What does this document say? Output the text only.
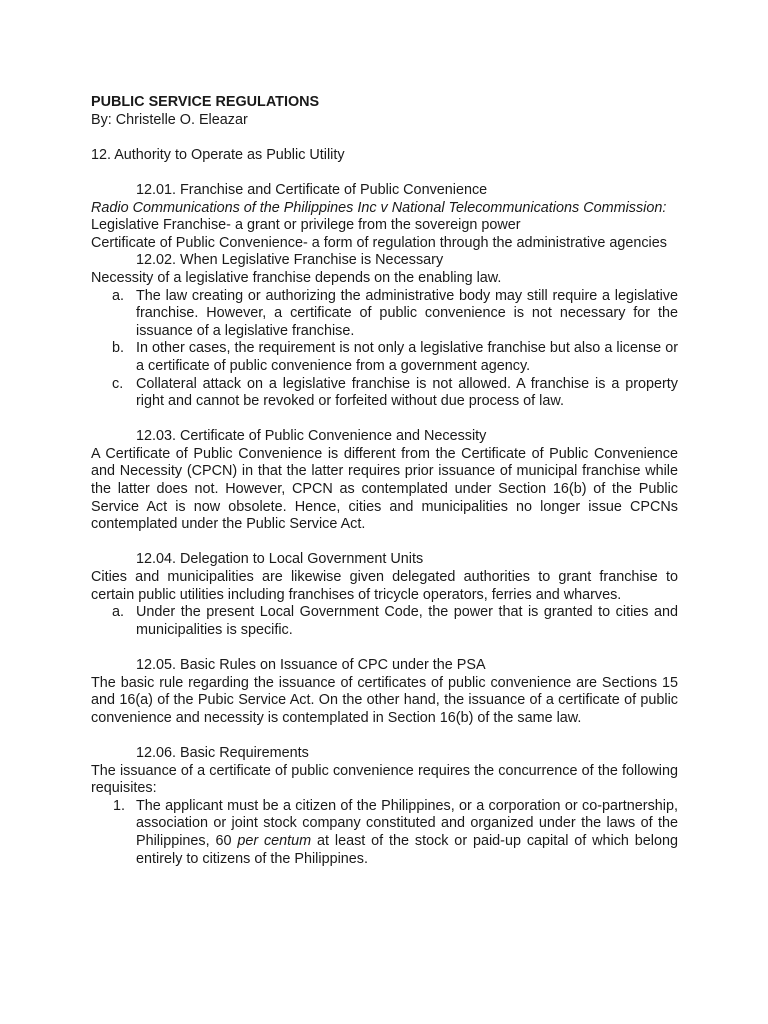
PUBLIC SERVICE REGULATIONS
By: Christelle O. Eleazar
12. Authority to Operate as Public Utility
12.01. Franchise and Certificate of Public Convenience
Radio Communications of the Philippines Inc v National Telecommunications Commission:
Legislative Franchise- a grant or privilege from the sovereign power
Certificate of Public Convenience- a form of regulation through the administrative agencies
12.02. When Legislative Franchise is Necessary
Necessity of a legislative franchise depends on the enabling law.
a. The law creating or authorizing the administrative body may still require a legislative franchise. However, a certificate of public convenience is not necessary for the issuance of a legislative franchise.
b. In other cases, the requirement is not only a legislative franchise but also a license or a certificate of public convenience from a government agency.
c. Collateral attack on a legislative franchise is not allowed. A franchise is a property right and cannot be revoked or forfeited without due process of law.
12.03. Certificate of Public Convenience and Necessity
A Certificate of Public Convenience is different from the Certificate of Public Convenience and Necessity (CPCN) in that the latter requires prior issuance of municipal franchise while the latter does not. However, CPCN as contemplated under Section 16(b) of the Public Service Act is now obsolete. Hence, cities and municipalities no longer issue CPCNs contemplated under the Public Service Act.
12.04. Delegation to Local Government Units
Cities and municipalities are likewise given delegated authorities to grant franchise to certain public utilities including franchises of tricycle operators, ferries and wharves.
a. Under the present Local Government Code, the power that is granted to cities and municipalities is specific.
12.05. Basic Rules on Issuance of CPC under the PSA
The basic rule regarding the issuance of certificates of public convenience are Sections 15 and 16(a) of the Pubic Service Act. On the other hand, the issuance of a certificate of public convenience and necessity is contemplated in Section 16(b) of the same law.
12.06. Basic Requirements
The issuance of a certificate of public convenience requires the concurrence of the following requisites:
1. The applicant must be a citizen of the Philippines, or a corporation or co-partnership, association or joint stock company constituted and organized under the laws of the Philippines, 60 per centum at least of the stock or paid-up capital of which belong entirely to citizens of the Philippines.
